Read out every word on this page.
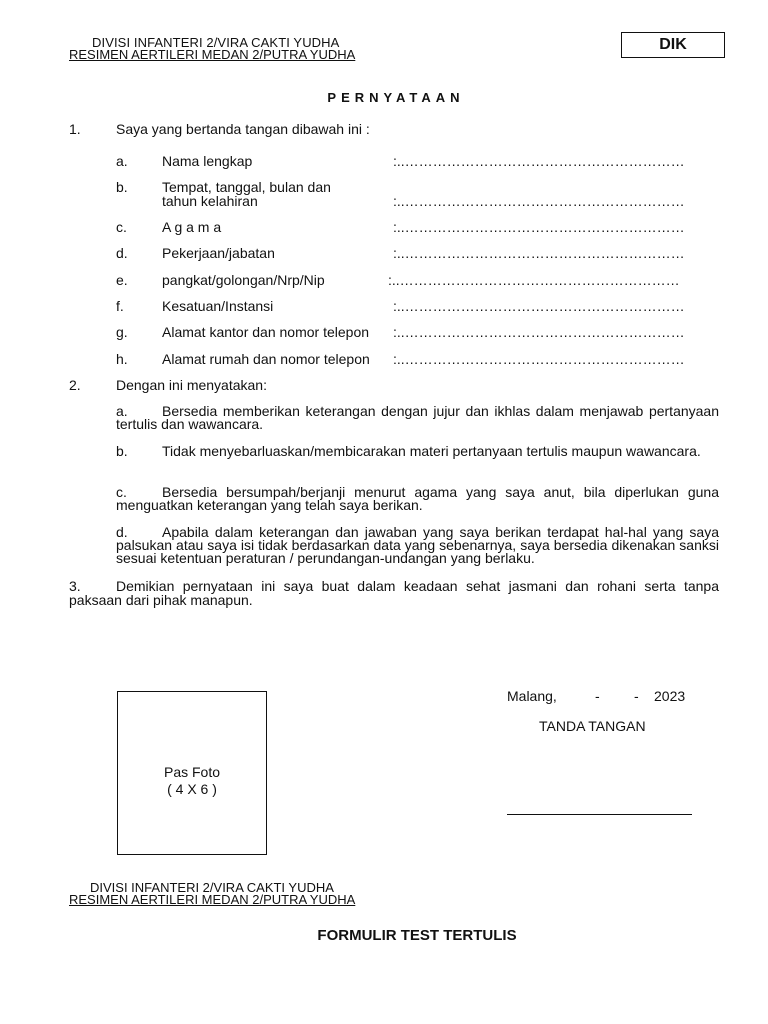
DIVISI INFANTERI 2/VIRA CAKTI YUDHA
RESIMEN AERTILERI MEDAN 2/PUTRA YUDHA
DIK
PERNYATAAN
1.	Saya yang bertanda tangan dibawah ini :
a. Nama lengkap	:..……………………………………………………
b. Tempat, tanggal, bulan dan
tahun kelahiran	:..……………………………………………………
c.	A g a m a	:..……………………………………………………
d. Pekerjaan/jabatan	:..……………………………………………………
e. pangkat/golongan/Nrp/Nip	:..……………………………………………………
f.	Kesatuan/Instansi	:..……………………………………………………
g. Alamat kantor dan nomor telepon :..……………………………………………………
h. Alamat rumah dan nomor telepon :..……………………………………………………
2.	Dengan ini menyatakan:
a. Bersedia memberikan keterangan dengan jujur dan ikhlas dalam menjawab pertanyaan tertulis dan wawancara.
b. Tidak menyebarluaskan/membicarakan materi pertanyaan tertulis maupun wawancara.
c.	Bersedia bersumpah/berjanji menurut agama yang saya anut, bila diperlukan guna menguatkan keterangan yang telah saya berikan.
d. Apabila dalam keterangan dan jawaban yang saya berikan terdapat hal-hal yang saya palsukan atau saya isi tidak berdasarkan data yang sebenarnya, saya bersedia dikenakan sanksi sesuai ketentuan peraturan / perundangan-undangan yang berlaku.
3.	Demikian pernyataan ini saya buat dalam keadaan sehat jasmani dan rohani serta tanpa paksaan dari pihak manapun.
Pas Foto
( 4 X 6 )
Malang,	- - 2023
TANDA TANGAN
DIVISI INFANTERI 2/VIRA CAKTI YUDHA
RESIMEN AERTILERI MEDAN 2/PUTRA YUDHA
FORMULIR TEST TERTULIS
